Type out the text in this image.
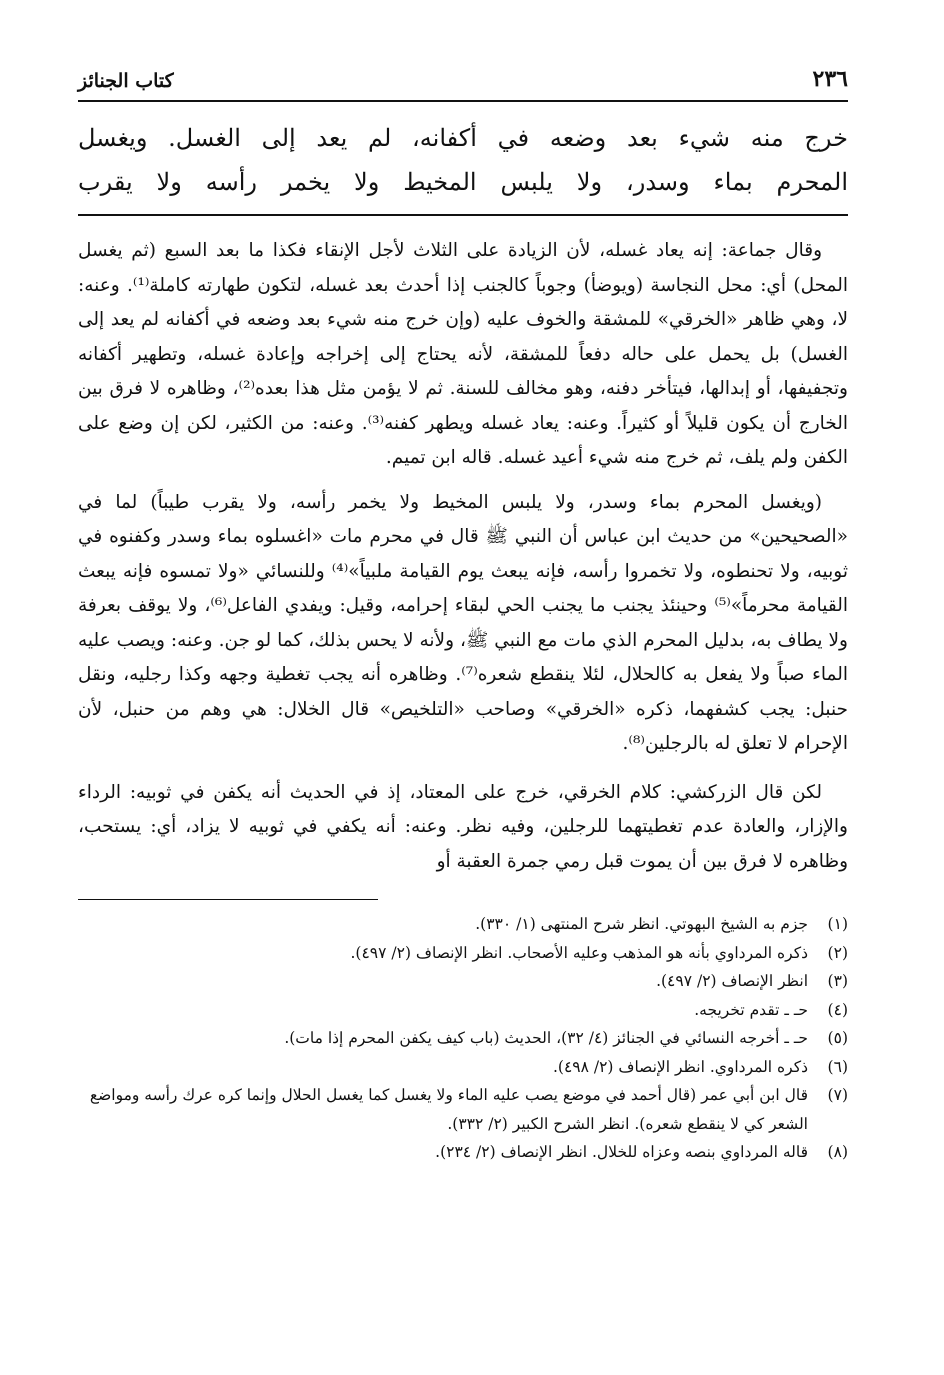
٢٣٦
كتاب الجنائز

خرج منه شيء بعد وضعه في أكفانه، لم يعد إلى الغسل. ويغسل

المحرم بماء وسدر، ولا يلبس المخيط ولا يخمر رأسه ولا يقرب

وقال جماعة: إنه يعاد غسله، لأن الزيادة على الثلاث لأجل الإنقاء فكذا ما بعد السبع (ثم يغسل المحل) أي: محل النجاسة (ويوضأ) وجوباً كالجنب إذا أحدث بعد غسله، لتكون طهارته كاملة⁽¹⁾. وعنه: لا، وهي ظاهر «الخرقي» للمشقة والخوف عليه (وإن خرج منه شيء بعد وضعه في أكفانه لم يعد إلى الغسل) بل يحمل على حاله دفعاً للمشقة، لأنه يحتاج إلى إخراجه وإعادة غسله، وتطهير أكفانه وتجفيفها، أو إبدالها، فيتأخر دفنه، وهو مخالف للسنة. ثم لا يؤمن مثل هذا بعده⁽²⁾، وظاهره لا فرق بين الخارج أن يكون قليلاً أو كثيراً. وعنه: يعاد غسله ويطهر كفنه⁽³⁾. وعنه: من الكثير، لكن إن وضع على الكفن ولم يلف، ثم خرج منه شيء أعيد غسله. قاله ابن تميم.

(ويغسل المحرم بماء وسدر، ولا يلبس المخيط ولا يخمر رأسه، ولا يقرب طيباً) لما في «الصحيحين» من حديث ابن عباس أن النبي ﷺ قال في محرم مات «اغسلوه بماء وسدر وكفنوه في ثوبيه، ولا تحنطوه، ولا تخمروا رأسه، فإنه يبعث يوم القيامة ملبياً»⁽⁴⁾ وللنسائي «ولا تمسوه فإنه يبعث القيامة محرماً»⁽⁵⁾ وحينئذ يجنب ما يجنب الحي لبقاء إحرامه، وقيل: ويفدي الفاعل⁽⁶⁾، ولا يوقف بعرفة ولا يطاف به، بدليل المحرم الذي مات مع النبي ﷺ، ولأنه لا يحس بذلك، كما لو جن. وعنه: ويصب عليه الماء صباً ولا يفعل به كالحلال، لئلا ينقطع شعره⁽⁷⁾. وظاهره أنه يجب تغطية وجهه وكذا رجليه، ونقل حنبل: يجب كشفهما، ذكره «الخرقي» وصاحب «التلخيص» قال الخلال: هي وهم من حنبل، لأن الإحرام لا تعلق له بالرجلين⁽⁸⁾.

لكن قال الزركشي: كلام الخرقي، خرج على المعتاد، إذ في الحديث أنه يكفن في ثوبيه: الرداء والإزار، والعادة عدم تغطيتهما للرجلين، وفيه نظر. وعنه: أنه يكفي في ثوبيه لا يزاد، أي: يستحب، وظاهره لا فرق بين أن يموت قبل رمي جمرة العقبة أو

(١)
جزم به الشيخ البهوتي. انظر شرح المنتهى (١/ ٣٣٠).
(٢)
ذكره المرداوي بأنه هو المذهب وعليه الأصحاب. انظر الإنصاف (٢/ ٤٩٧).
(٣)
انظر الإنصاف (٢/ ٤٩٧).
(٤)
حـ ـ تقدم تخريجه.
(٥)
حـ ـ أخرجه النسائي في الجنائز (٤/ ٣٢)، الحديث (باب كيف يكفن المحرم إذا مات).
(٦)
ذكره المرداوي. انظر الإنصاف (٢/ ٤٩٨).
(٧)
قال ابن أبي عمر (قال أحمد في موضع يصب عليه الماء ولا يغسل كما يغسل الحلال وإنما كره عرك رأسه ومواضع الشعر كي لا ينقطع شعره). انظر الشرح الكبير (٢/ ٣٣٢).
(٨)
قاله المرداوي بنصه وعزاه للخلال. انظر الإنصاف (٢/ ٢٣٤).
